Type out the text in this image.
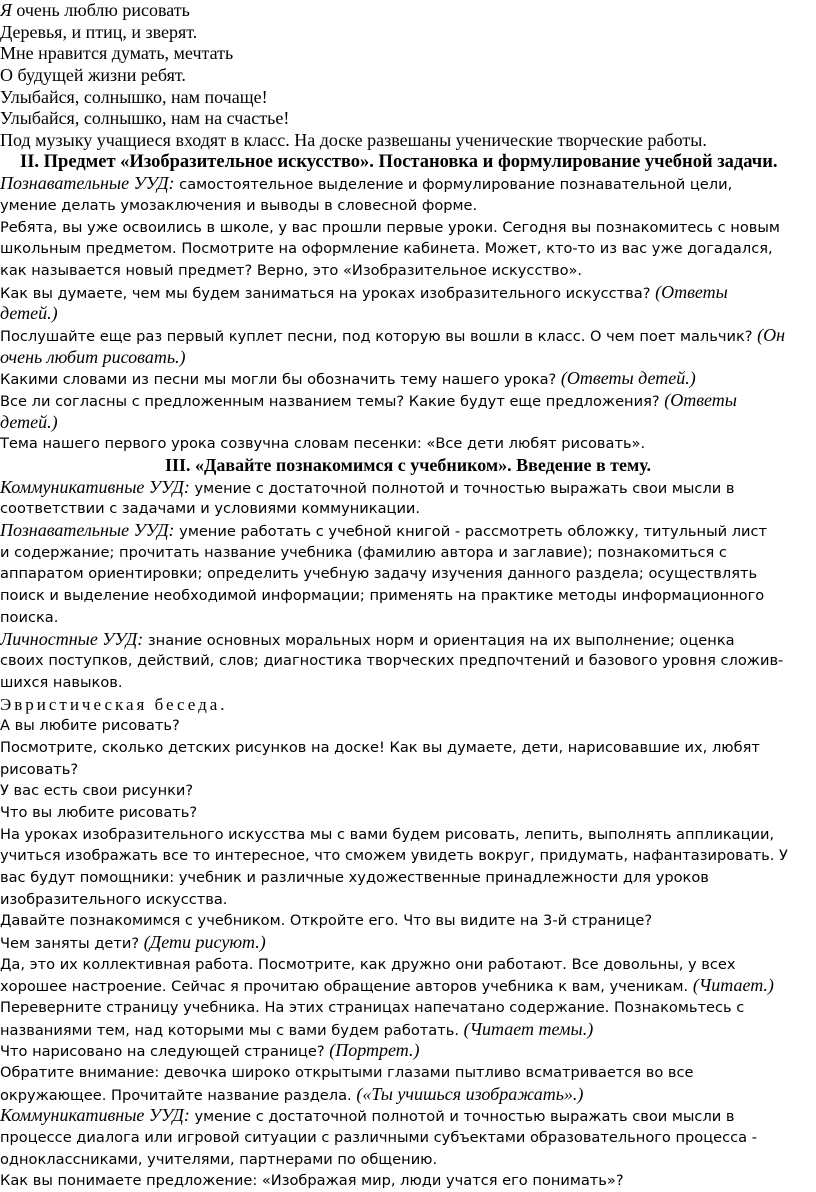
Я очень люблю рисовать
Деревья, и птиц, и зверят.
Мне нравится думать, мечтать
О будущей жизни ребят.
Улыбайся, солнышко, нам почаще!
Улыбайся, солнышко, нам на счастье!
Под музыку учащиеся входят в класс. На доске развешаны ученические творческие работы.
II. Предмет «Изобразительное искусство». Постановка и формулирование учебной задачи.
Познавательные УУД: самостоятельное выделение и формулирование познавательной цели,
умение делать умозаключения и выводы в словесной форме.
Ребята, вы уже освоились в школе, у вас прошли первые уроки. Сегодня вы познакомитесь с новым
школьным предметом. Посмотрите на оформление кабинета. Может, кто-то из вас уже догадался,
как называется новый предмет? Верно, это «Изобразительное искусство».
Как вы думаете, чем мы будем заниматься на уроках изобразительного искусства? (Ответы
детей.)
Послушайте еще раз первый куплет песни, под которую вы вошли в класс. О чем поет мальчик? (Он
очень любит рисовать.)
Какими словами из песни мы могли бы обозначить тему нашего урока? (Ответы детей.)
Все ли согласны с предложенным названием темы? Какие будут еще предложения? (Ответы
детей.)
Тема нашего первого урока созвучна словам песенки: «Все дети любят рисовать».
III. «Давайте познакомимся с учебником». Введение в тему.
Коммуникативные УУД: умение с достаточной полнотой и точностью выражать свои мысли в
соответствии с задачами и условиями коммуникации.
Познавательные УУД: умение работать с учебной книгой - рассмотреть обложку, титульный лист
и содержание; прочитать название учебника (фамилию автора и заглавие); познакомиться с
аппаратом ориентировки; определить учебную задачу изучения данного раздела; осуществлять
поиск и выделение необходимой информации; применять на практике методы информационного
поиска.
Личностные УУД: знание основных моральных норм и ориентация на их выполнение; оценка
своих поступков, действий, слов; диагностика творческих предпочтений и базового уровня сложив-
шихся навыков.
Эвристическая беседа.
А вы любите рисовать?
Посмотрите, сколько детских рисунков на доске! Как вы думаете, дети, нарисовавшие их, любят
рисовать?
У вас есть свои рисунки?
Что вы любите рисовать?
На уроках изобразительного искусства мы с вами будем рисовать, лепить, выполнять аппликации,
учиться изображать все то интересное, что сможем увидеть вокруг, придумать, нафантазировать. У
вас будут помощники: учебник и различные художественные принадлежности для уроков
изобразительного искусства.
Давайте познакомимся с учебником. Откройте его. Что вы видите на 3-й странице?
Чем заняты дети? (Дети рисуют.)
Да, это их коллективная работа. Посмотрите, как дружно они работают. Все довольны, у всех
хорошее настроение. Сейчас я прочитаю обращение авторов учебника к вам, ученикам. (Читает.)
Переверните страницу учебника. На этих страницах напечатано содержание. Познакомьтесь с
названиями тем, над которыми мы с вами будем работать. (Читает темы.)
Что нарисовано на следующей странице? (Портрет.)
Обратите внимание: девочка широко открытыми глазами пытливо всматривается во все
окружающее. Прочитайте название раздела. («Ты учишься изображать».)
Коммуникативные УУД: умение с достаточной полнотой и точностью выражать свои мысли в
процессе диалога или игровой ситуации с различными субъектами образовательного процесса -
одноклассниками, учителями, партнерами по общению.
Как вы понимаете предложение: «Изображая мир, люди учатся его понимать»?
